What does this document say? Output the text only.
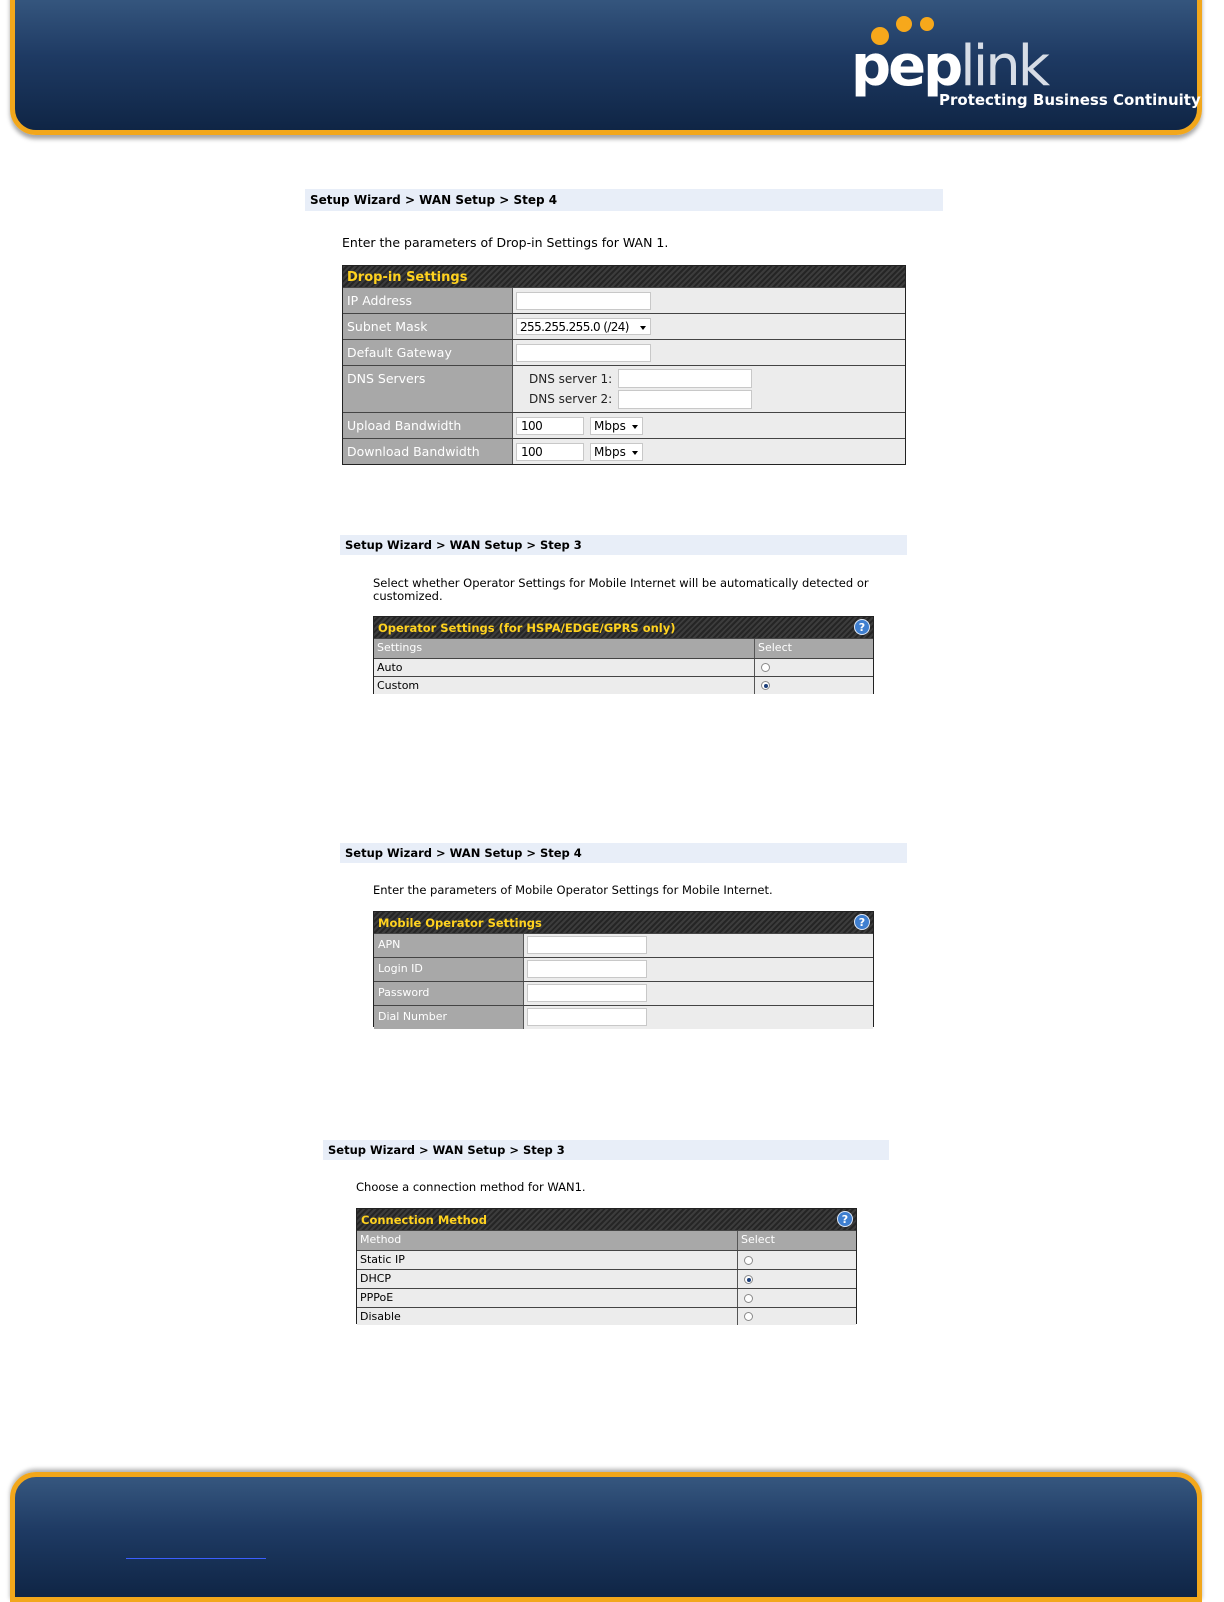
peplink
Protecting Business Continuity
Setup Wizard > WAN Setup > Step 4
Enter the parameters of Drop-in Settings for WAN 1.
Drop-in Settings
IP Address
Subnet Mask	255.255.255.0 (/24)
Default Gateway
DNS Servers	DNS server 1:
DNS server 2:
Upload Bandwidth	100	Mbps
Download Bandwidth	100	Mbps
Setup Wizard > WAN Setup > Step 3
Select whether Operator Settings for Mobile Internet will be automatically detected or
customized.
Operator Settings (for HSPA/EDGE/GPRS only)	?
Settings	Select
Auto
Custom
Setup Wizard > WAN Setup > Step 4
Enter the parameters of Mobile Operator Settings for Mobile Internet.
Mobile Operator Settings	?
APN
Login ID
Password
Dial Number
Setup Wizard > WAN Setup > Step 3
Choose a connection method for WAN1.
Connection Method	?
Method	Select
Static IP
DHCP
PPPoE
Disable
